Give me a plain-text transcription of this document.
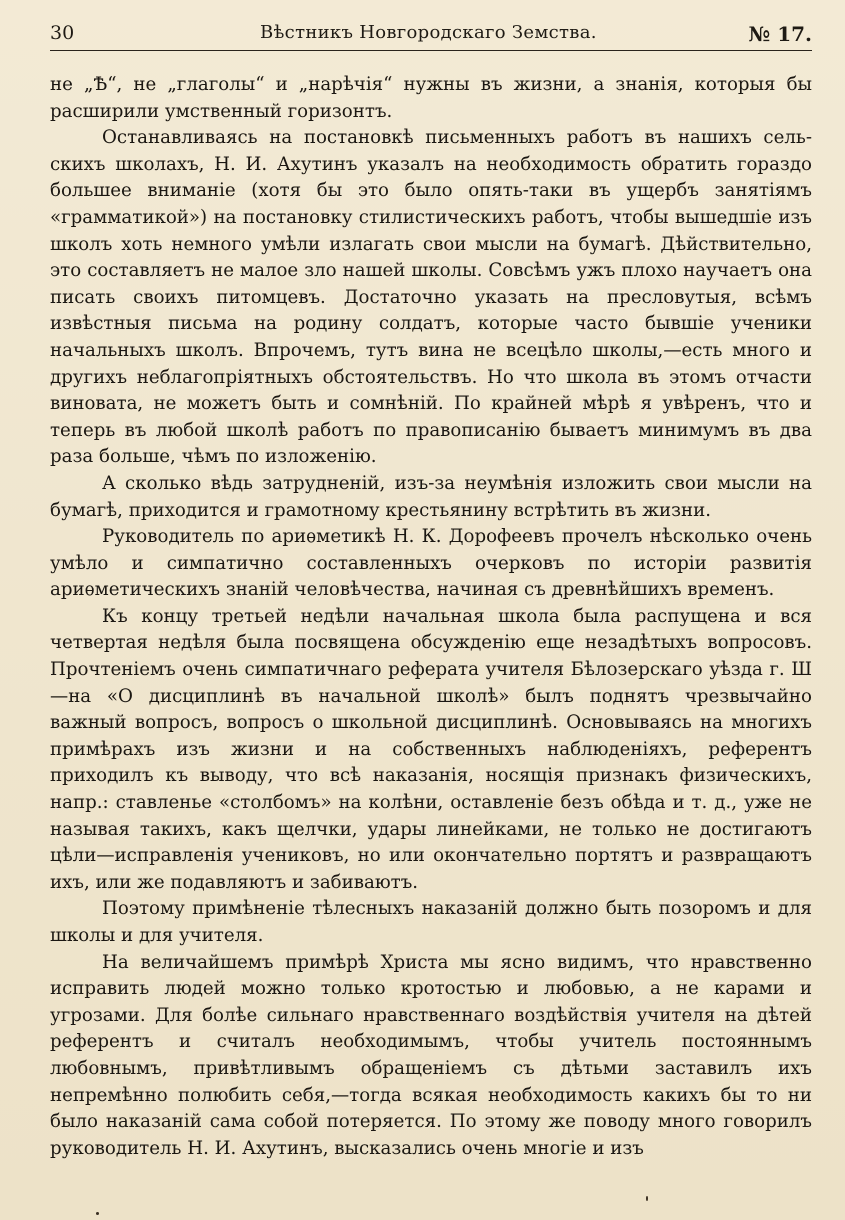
30	Вѣстникъ Новгородскаго Земства.	№ 17.

не „Ѣ“, не „глаголы“ и „нарѣчія“ нужны въ жизни, а знанія, которыя бы расширили умственный горизонтъ.

Останавливаясь на постановкѣ письменныхъ работъ въ нашихъ сельскихъ школахъ, Н. И. Ахутинъ указалъ на необходимость обратить гораздо большее вниманіе (хотя бы это было опять-таки въ ущербъ занятіямъ «грамматикой») на постановку стилистическихъ работъ, чтобы вышедшіе изъ школъ хоть немного умѣли излагать свои мысли на бумагѣ. Дѣйствительно, это составляетъ не малое зло нашей школы. Совсѣмъ ужъ плохо научаетъ она писать своихъ питомцевъ. Достаточно указать на пресловутыя, всѣмъ извѣстныя письма на родину солдатъ, которые часто бывшіе ученики начальныхъ школъ. Впрочемъ, тутъ вина не всецѣло школы,—есть много и другихъ неблагопріятныхъ обстоятельствъ. Но что школа въ этомъ отчасти виновата, не можетъ быть и сомнѣній. По крайней мѣрѣ я увѣренъ, что и теперь въ любой школѣ работъ по правописанію бываетъ минимумъ въ два раза больше, чѣмъ по изложенію.

А сколько вѣдь затрудненій, изъ-за неумѣнія изложить свои мысли на бумагѣ, приходится и грамотному крестьянину встрѣтить въ жизни.

Руководитель по ариѳметикѣ Н. К. Дорофеевъ прочелъ нѣсколько очень умѣло и симпатично составленныхъ очерковъ по исторіи развитія ариѳметическихъ знаній человѣчества, начиная съ древнѣйшихъ временъ.

Къ концу третьей недѣли начальная школа была распущена и вся четвертая недѣля была посвящена обсужденію еще незадѣтыхъ вопросовъ. Прочтеніемъ очень симпатичнаго реферата учителя Бѣлозерскаго уѣзда г. Ш—на «О дисциплинѣ въ начальной школѣ» былъ поднятъ чрезвычайно важный вопросъ, вопросъ о школьной дисциплинѣ. Основываясь на многихъ примѣрахъ изъ жизни и на собственныхъ наблюденіяхъ, референтъ приходилъ къ выводу, что всѣ наказанія, носящія признакъ физическихъ, напр.: ставленье «столбомъ» на колѣни, оставленіе безъ обѣда и т. д., уже не называя такихъ, какъ щелчки, удары линейками, не только не достигаютъ цѣли—исправленія учениковъ, но или окончательно портятъ и развращаютъ ихъ, или же подавляютъ и забиваютъ.

Поэтому примѣненіе тѣлесныхъ наказаній должно быть позоромъ и для школы и для учителя.

На величайшемъ примѣрѣ Христа мы ясно видимъ, что нравственно исправить людей можно только кротостью и любовью, а не карами и угрозами. Для болѣе сильнаго нравственнаго воздѣйствія учителя на дѣтей референтъ и считалъ необходимымъ, чтобы учитель постояннымъ любовнымъ, привѣтливымъ обращеніемъ съ дѣтьми заставилъ ихъ непремѣнно полюбить себя,—тогда всякая необходимость какихъ бы то ни было наказаній сама собой потеряется. По этому же поводу много говорилъ руководитель Н. И. Ахутинъ, высказались очень многіе и изъ
